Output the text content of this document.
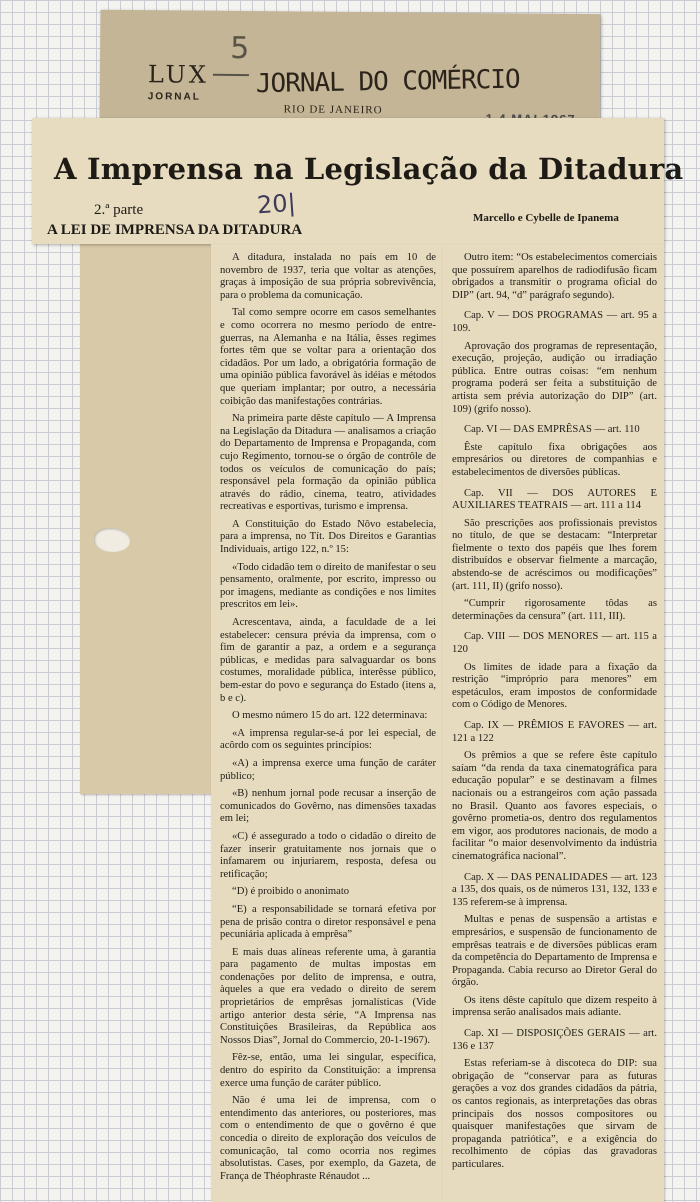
LUX
JORNAL
5
JORNAL DO COMÉRCIO
RIO DE JANEIRO
A Imprensa na Legislação da Ditadura
2.ª parte
A LEI DE IMPRENSA DA DITADURA
Marcello e Cybelle de Ipanema
20|

A ditadura, instalada no país em 10 de novembro de 1937, teria que voltar as atenções, graças à imposição de sua própria sobrevivência, para o problema da comunicação.

Tal como sempre ocorre em casos semelhantes e como ocorrera no mesmo período de entre-guerras, na Alemanha e na Itália, êsses regimes fortes têm que se voltar para a orientação dos cidadãos. Por um lado, a obrigatória formação de uma opinião pública favorável às idéias e métodos que queriam implantar; por outro, a necessária coibição das manifestações contrárias.

Na primeira parte dêste capítulo — A Imprensa na Legislação da Ditadura — analisamos a criação do Departamento de Imprensa e Propaganda, com cujo Regimento, tornou-se o órgão de contrôle de todos os veículos de comunicação do país; responsável pela formação da opinião pública através do rádio, cinema, teatro, atividades recreativas e esportivas, turismo e imprensa.

A Constituição do Estado Nôvo estabelecia, para a imprensa, no Tít. Dos Direitos e Garantias Individuais, artigo 122, n.º 15:

«Todo cidadão tem o direito de manifestar o seu pensamento, oralmente, por escrito, impresso ou por imagens, mediante as condições e nos limites prescritos em lei».

Acrescentava, ainda, a faculdade de a lei estabelecer: censura prévia da imprensa, com o fim de garantir a paz, a ordem e a segurança públicas, e medidas para salvaguardar os bons costumes, moralidade pública, interêsse público, bem-estar do povo e segurança do Estado (itens a, b e c).

O mesmo número 15 do art. 122 determinava:

«A imprensa regular-se-á por lei especial, de acôrdo com os seguintes princípios:

«A) a imprensa exerce uma função de caráter público;

«B) nenhum jornal pode recusar a inserção de comunicados do Govêrno, nas dimensões taxadas em lei;

«C) é assegurado a todo o cidadão o direito de fazer inserir gratuitamente nos jornais que o infamarem ou injuriarem, resposta, defesa ou retificação;

“D) é proibido o anonimato

“E) a responsabilidade se tornará efetiva por pena de prisão contra o diretor responsável e pena pecuniária aplicada à emprêsa”

E mais duas alíneas referente uma, à garantia para pagamento de multas impostas em condenações por delito de imprensa, e outra, àqueles a que era vedado o direito de serem proprietários de emprêsas jornalísticas (Vide artigo anterior desta série, “A Imprensa nas Constituições Brasileiras, da República aos Nossos Dias”, Jornal do Commercio, 20-1-1967).

Fêz-se, então, uma lei singular, específica, dentro do espírito da Constituição: a imprensa exerce uma função de caráter público.

Não é uma lei de imprensa, com o entendimento das anteriores, ou posteriores, mas com o entendimento de que o govêrno é que concedia o direito de exploração dos veículos de comunicação, tal como ocorria nos regimes absolutistas. Cases, por exemplo, da Gazeta, de França de Théophraste Rénaudot ...

Outro item: “Os estabelecimentos comerciais que possuírem aparelhos de radiodifusão ficam obrigados a transmitir o programa oficial do DIP” (art. 94, “d” parágrafo segundo).

Cap. V — DOS PROGRAMAS — art. 95 a 109.

Aprovação dos programas de representação, execução, projeção, audição ou irradiação pública. Entre outras coisas: “em nenhum programa poderá ser feita a substituição de artista sem prévia autorização do DIP” (art. 109) (grifo nosso).

Cap. VI — DAS EMPRÊSAS — art. 110

Êste capítulo fixa obrigações aos empresários ou diretores de companhias e estabelecimentos de diversões públicas.

Cap. VII — DOS AUTORES E AUXILIARES TEATRAIS — art. 111 a 114

São prescrições aos profissionais previstos no título, de que se destacam: “Interpretar fielmente o texto dos papéis que lhes forem distribuídos e observar fielmente a marcação, abstendo-se de acréscimos ou modificações” (art. 111, II) (grifo nosso).

“Cumprir rigorosamente tôdas as determinações da censura” (art. 111, III).

Cap. VIII — DOS MENORES — art. 115 a 120

Os limites de idade para a fixação da restrição “impróprio para menores” em espetáculos, eram impostos de conformidade com o Código de Menores.

Cap. IX — PRÊMIOS E FAVORES — art. 121 a 122

Os prêmios a que se refere êste capítulo saíam “da renda da taxa cinematográfica para educação popular” e se destinavam a filmes nacionais ou a estrangeiros com ação passada no Brasil. Quanto aos favores especiais, o govêrno prometia-os, dentro dos regulamentos em vigor, aos produtores nacionais, de modo a facilitar “o maior desenvolvimento da indústria cinematográfica nacional”.

Cap. X — DAS PENALIDADES — art. 123 a 135, dos quais, os de números 131, 132, 133 e 135 referem-se à imprensa.

Multas e penas de suspensão a artistas e empresários, e suspensão de funcionamento de emprêsas teatrais e de diversões públicas eram da competência do Departamento de Imprensa e Propaganda. Cabia recurso ao Diretor Geral do órgão.

Os itens dêste capítulo que dizem respeito à imprensa serão analisados mais adiante.

Cap. XI — DISPOSIÇÕES GERAIS — art. 136 e 137

Estas referiam-se à discoteca do DIP: sua obrigação de “conservar para as futuras gerações a voz dos grandes cidadãos da pátria, os cantos regionais, as interpretações das obras principais dos nossos compositores ou quaisquer manifestações que sirvam de propaganda patriótica”, e a exigência do recolhimento de cópias das gravadoras particulares.
